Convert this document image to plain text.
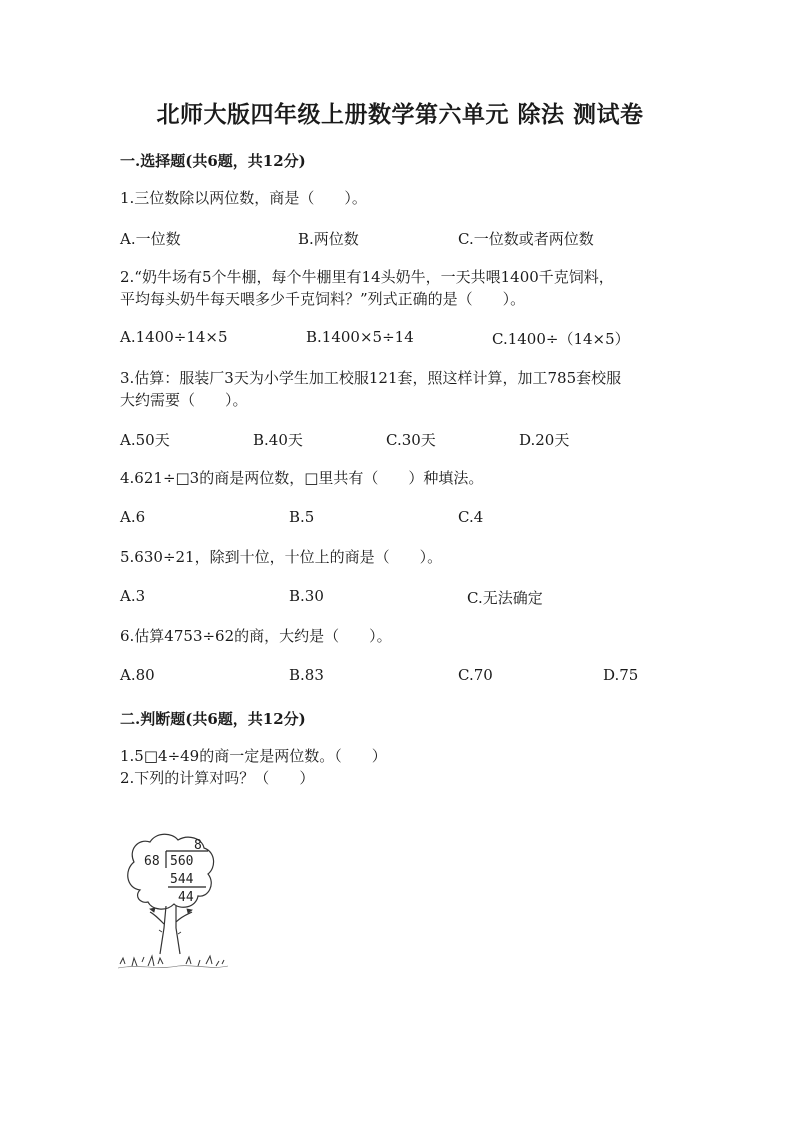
北师大版四年级上册数学第六单元 除法 测试卷
一.选择题(共6题，共12分)
1.三位数除以两位数，商是（　　）。
A.一位数	B.两位数	C.一位数或者两位数
2.“奶牛场有5个牛棚，每个牛棚里有14头奶牛，一天共喂1400千克饲料，
平均每头奶牛每天喂多少千克饲料？”列式正确的是（　　）。
A.1400÷14×5	B.1400×5÷14	C.1400÷（14×5）
3.估算：服装厂3天为小学生加工校服121套，照这样计算，加工785套校服
大约需要（　　）。
A.50天	B.40天	C.30天	D.20天
4.621÷□3的商是两位数，□里共有（　　）种填法。
A.6	B.5	C.4
5.630÷21，除到十位，十位上的商是（　　）。
A.3	B.30	C.无法确定
6.估算4753÷62的商，大约是（　　）。
A.80	B.83	C.70	D.75
二.判断题(共6题，共12分)
1.5□4÷49的商一定是两位数。（　　）
2.下列的计算对吗？（　　）
8
68 560
544
44
